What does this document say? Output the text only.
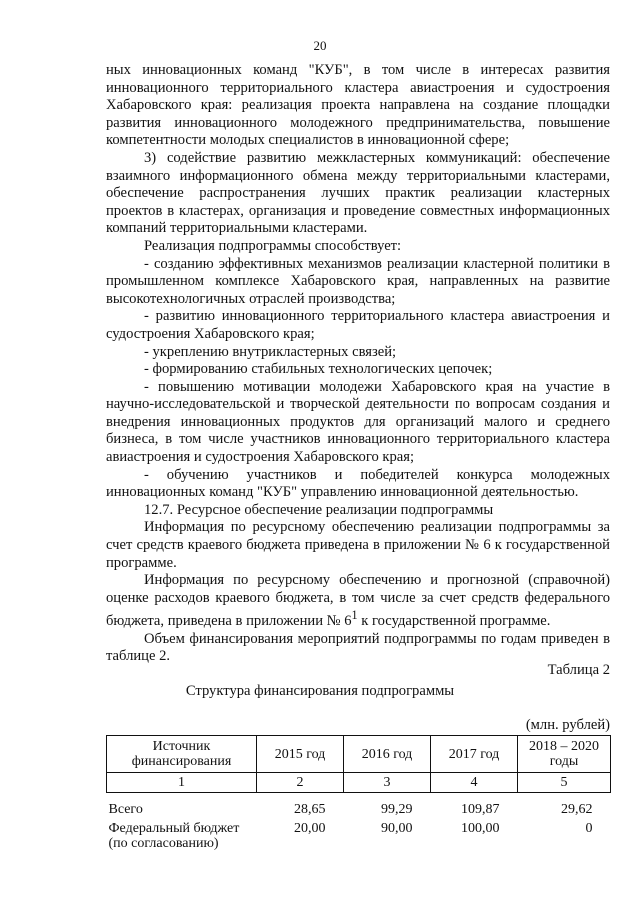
20

ных инновационных команд "КУБ", в том числе в интересах развития инновационного территориального кластера авиастроения и судостроения Хабаровского края: реализация проекта направлена на создание площадки развития инновационного молодежного предпринимательства, повышение компетентности молодых специалистов в инновационной сфере;

3) содействие развитию межкластерных коммуникаций: обеспечение взаимного информационного обмена между территориальными кластерами, обеспечение распространения лучших практик реализации кластерных проектов в кластерах, организация и проведение совместных информационных компаний территориальными кластерами.

Реализация подпрограммы способствует:

- созданию эффективных механизмов реализации кластерной политики в промышленном комплексе Хабаровского края, направленных на развитие высокотехнологичных отраслей производства;

- развитию инновационного территориального кластера авиастроения и судостроения Хабаровского края;

- укреплению внутрикластерных связей;

- формированию стабильных технологических цепочек;

- повышению мотивации молодежи Хабаровского края на участие в научно-исследовательской и творческой деятельности по вопросам создания и внедрения инновационных продуктов для организаций малого и среднего бизнеса, в том числе участников инновационного территориального кластера авиастроения и судостроения Хабаровского края;

- обучению участников и победителей конкурса молодежных инновационных команд "КУБ" управлению инновационной деятельностью.

12.7. Ресурсное обеспечение реализации подпрограммы

Информация по ресурсному обеспечению реализации подпрограммы за счет средств краевого бюджета приведена в приложении № 6 к государственной программе.

Информация по ресурсному обеспечению и прогнозной (справочной) оценке расходов краевого бюджета, в том числе за счет средств федерального бюджета, приведена в приложении № $6^1$ к государственной программе.

Объем финансирования мероприятий подпрограммы по годам приведен в таблице 2.

Таблица 2
Структура финансирования подпрограммы
(млн. рублей)
Источник финансирования	2015 год	2016 год	2017 год	2018 – 2020 годы
1	2	3	4	5
Всего	28,65	99,29	109,87	29,62
Федеральный бюджет (по согласованию)	20,00	90,00	100,00	0
